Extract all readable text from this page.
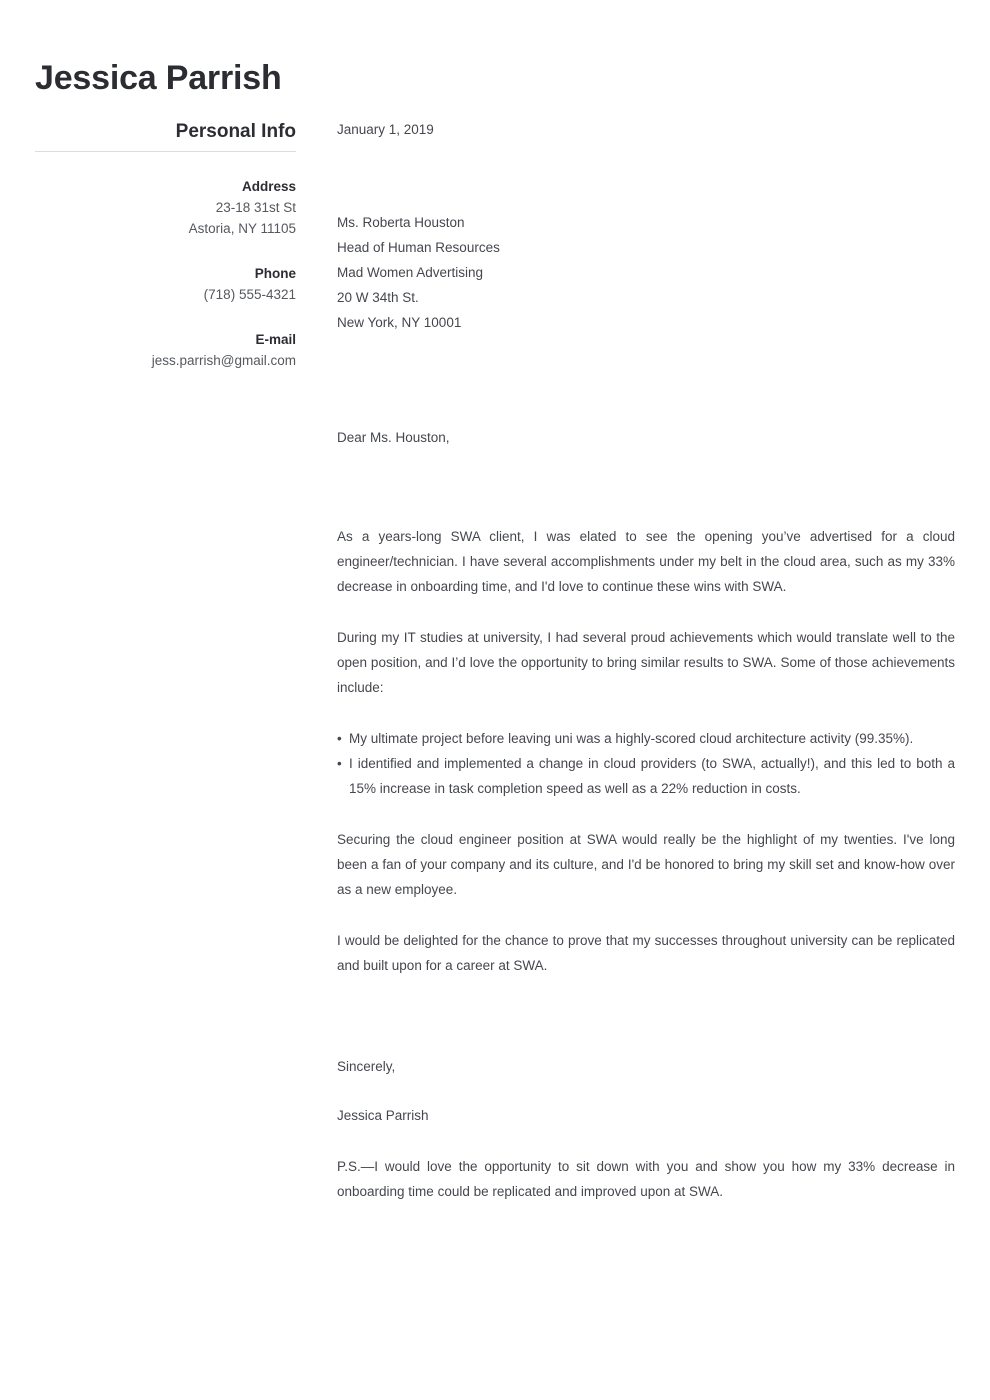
Jessica Parrish
Personal Info
Address
23-18 31st St
Astoria, NY 11105
Phone
(718) 555-4321
E-mail
jess.parrish@gmail.com
January 1, 2019
Ms. Roberta Houston
Head of Human Resources
Mad Women Advertising
20 W 34th St.
New York, NY 10001
Dear Ms. Houston,
As a years-long SWA client, I was elated to see the opening you’ve advertised for a cloud engineer/technician. I have several accomplishments under my belt in the cloud area, such as my 33% decrease in onboarding time, and I'd love to continue these wins with SWA.
During my IT studies at university, I had several proud achievements which would translate well to the open position, and I’d love the opportunity to bring similar results to SWA. Some of those achievements include:
• My ultimate project before leaving uni was a highly-scored cloud architecture activity (99.35%).
• I identified and implemented a change in cloud providers (to SWA, actually!), and this led to both a 15% increase in task completion speed as well as a 22% reduction in costs.
Securing the cloud engineer position at SWA would really be the highlight of my twenties. I've long been a fan of your company and its culture, and I'd be honored to bring my skill set and know-how over as a new employee.
I would be delighted for the chance to prove that my successes throughout university can be replicated and built upon for a career at SWA.
Sincerely,
Jessica Parrish
P.S.—I would love the opportunity to sit down with you and show you how my 33% decrease in onboarding time could be replicated and improved upon at SWA.
